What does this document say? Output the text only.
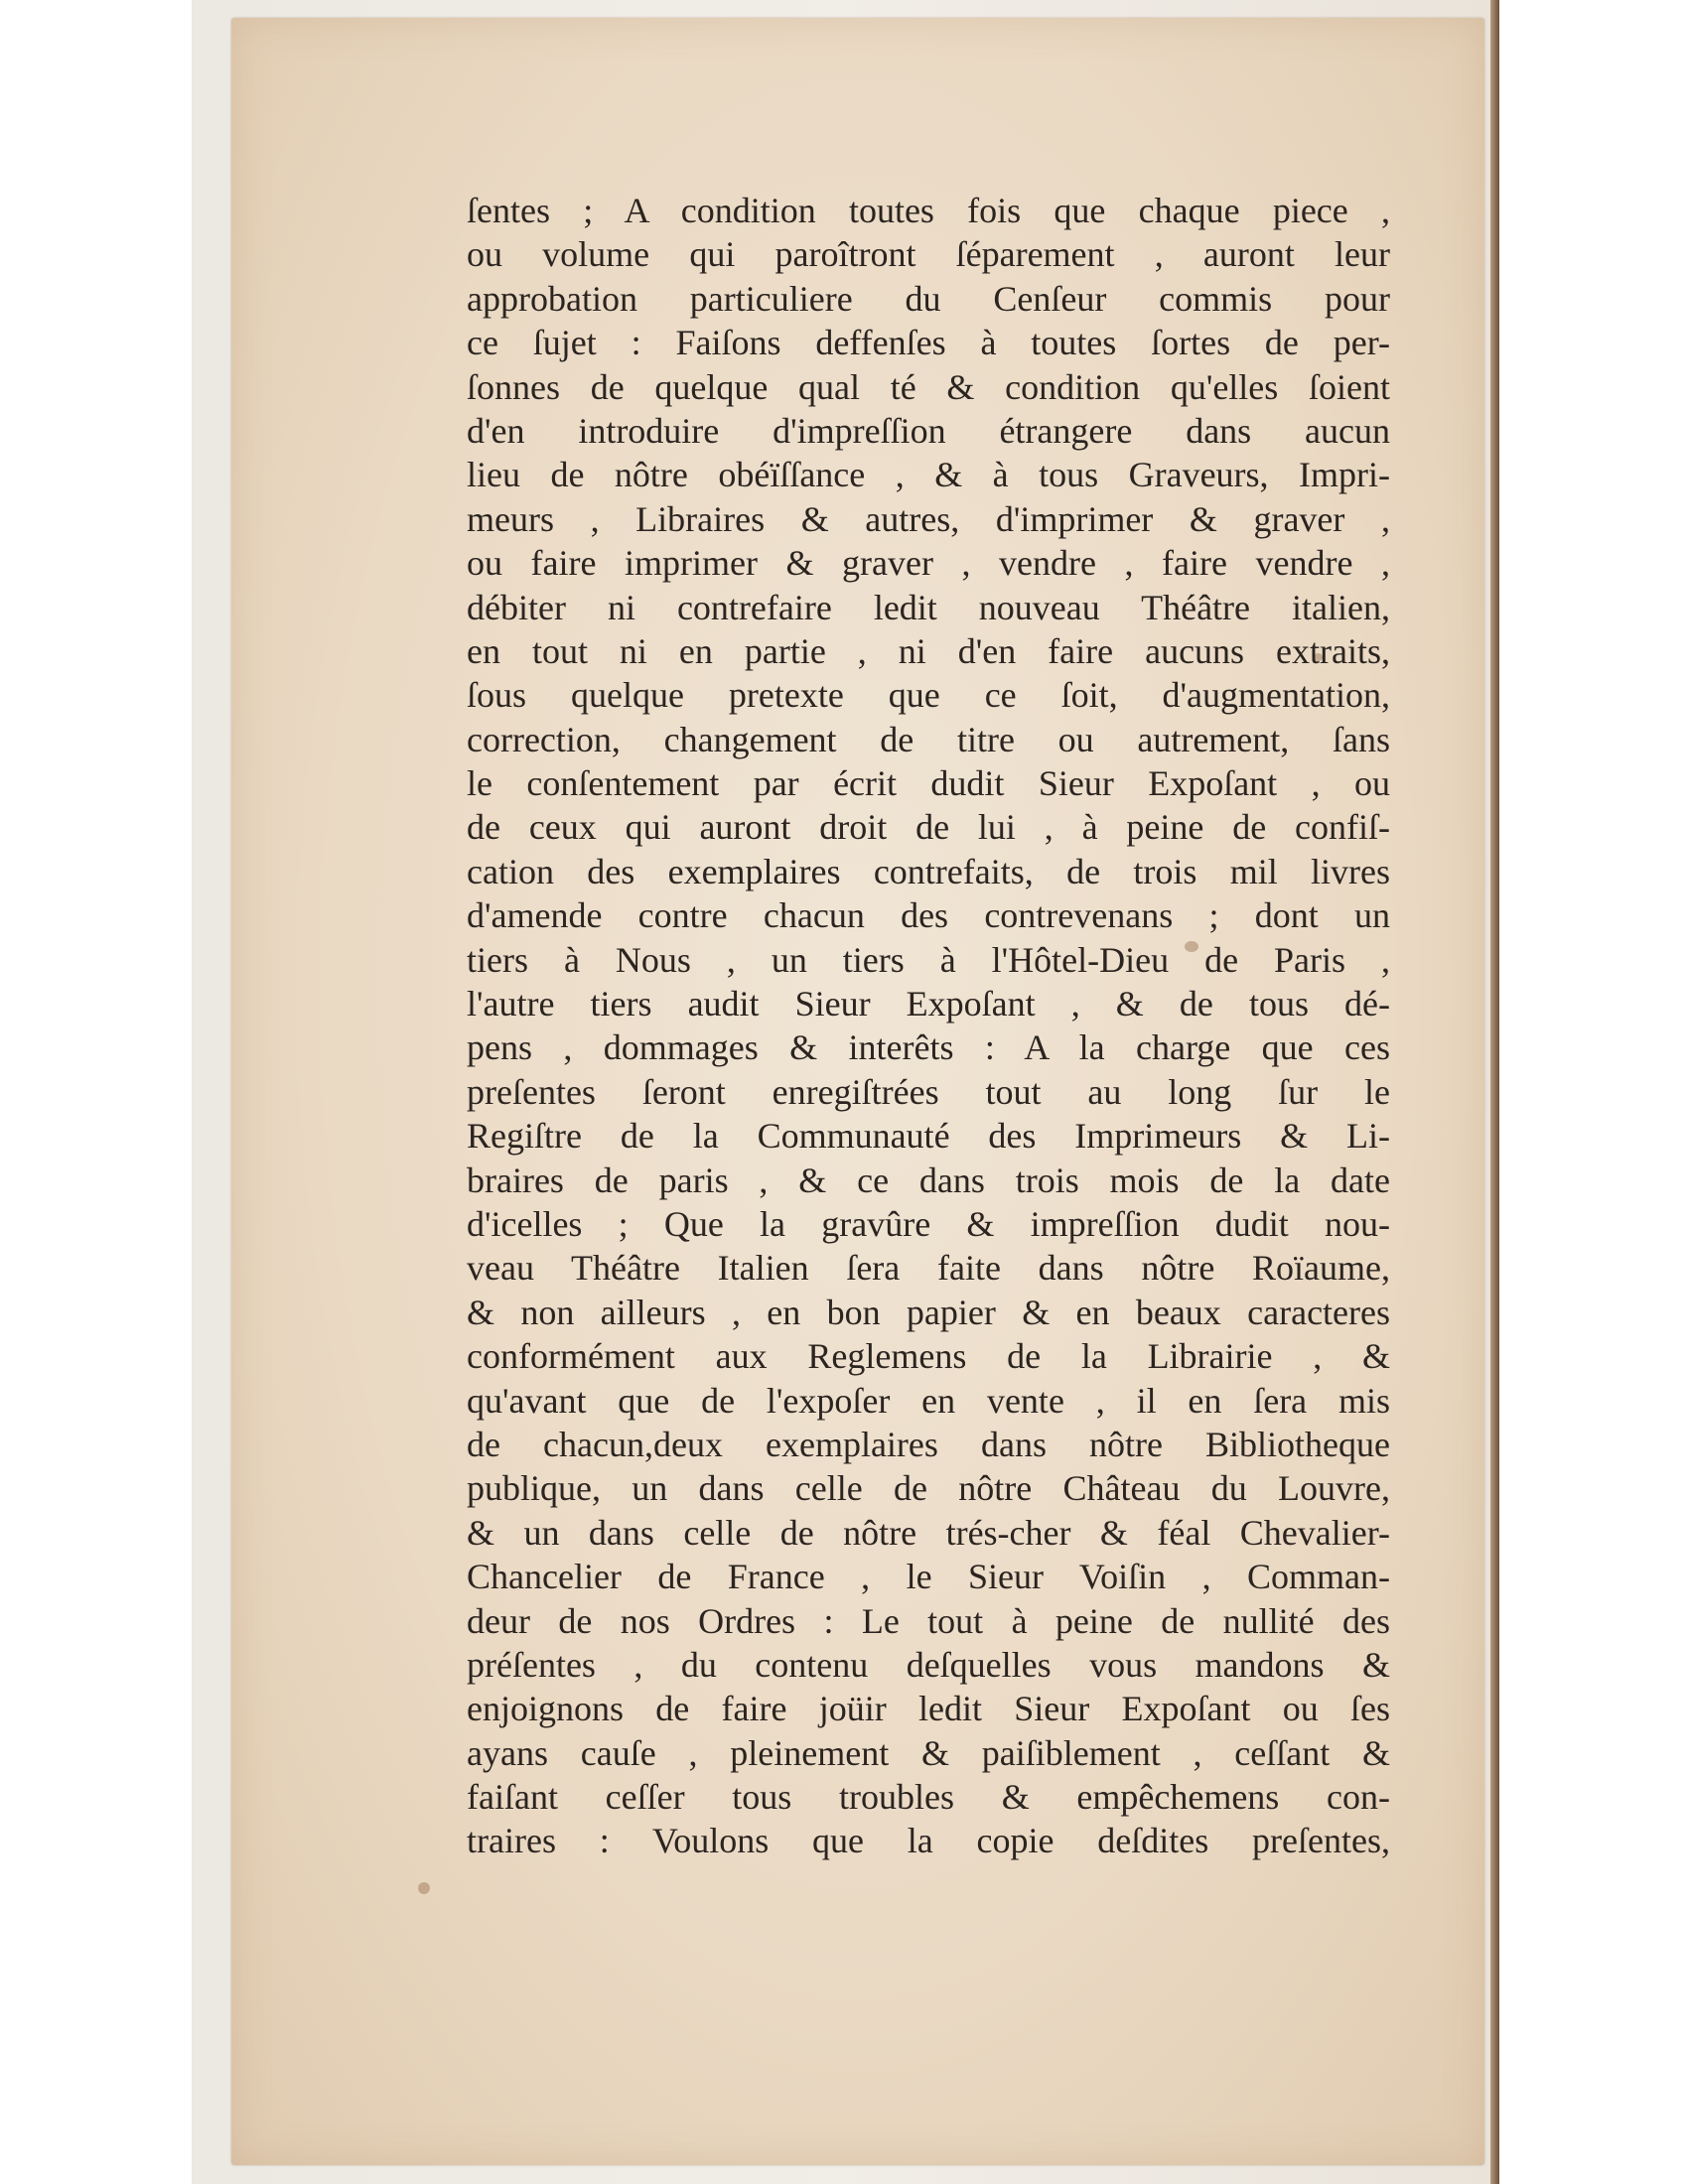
ſentes ; A condition toutes fois que chaque piece ,
ou volume qui paroîtront ſéparement , auront leur
approbation particuliere du Cenſeur commis pour
ce ſujet : Faiſons deffenſes à toutes ſortes de per-
ſonnes de quelque qual té & condition qu'elles ſoient
d'en introduire d'impreſſion étrangere dans aucun
lieu de nôtre obéïſſance , & à tous Graveurs, Impri-
meurs , Libraires & autres, d'imprimer & graver ,
ou faire imprimer & graver , vendre , faire vendre ,
débiter ni contrefaire ledit nouveau Théâtre italien,
en tout ni en partie , ni d'en faire aucuns extraits,
ſous quelque pretexte que ce ſoit, d'augmentation,
correction, changement de titre ou autrement, ſans
le conſentement par écrit dudit Sieur Expoſant , ou
de ceux qui auront droit de lui , à peine de confiſ-
cation des exemplaires contrefaits, de trois mil livres
d'amende contre chacun des contrevenans ; dont un
tiers à Nous , un tiers à l'Hôtel-Dieu de Paris ,
l'autre tiers audit Sieur Expoſant , & de tous dé-
pens , dommages & interêts : A la charge que ces
preſentes ſeront enregiſtrées tout au long ſur le
Regiſtre de la Communauté des Imprimeurs & Li-
braires de paris , & ce dans trois mois de la date
d'icelles ; Que la gravûre & impreſſion dudit nou-
veau Théâtre Italien ſera faite dans nôtre Roïaume,
& non ailleurs , en bon papier & en beaux caracteres
conformément aux Reglemens de la Librairie , &
qu'avant que de l'expoſer en vente , il en ſera mis
de chacun,deux exemplaires dans nôtre Bibliotheque
publique, un dans celle de nôtre Château du Louvre,
& un dans celle de nôtre trés-cher & féal Chevalier-
Chancelier de France , le Sieur Voiſin , Comman-
deur de nos Ordres : Le tout à peine de nullité des
préſentes , du contenu deſquelles vous mandons &
enjoignons de faire joüir ledit Sieur Expoſant ou ſes
ayans cauſe , pleinement & paiſiblement , ceſſant &
faiſant ceſſer tous troubles & empêchemens con-
traires : Voulons que la copie deſdites preſentes,
